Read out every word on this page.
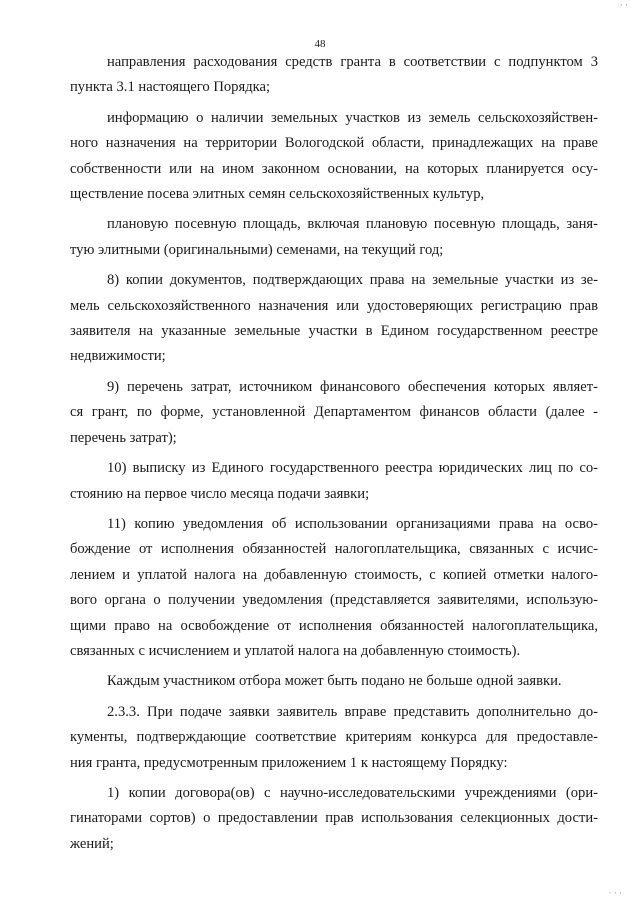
· ·
48
направления расходования средств гранта в соответствии с подпунктом 3
пункта 3.1 настоящего Порядка;
информацию о наличии земельных участков из земель сельскохозяйствен-
ного назначения на территории Вологодской области, принадлежащих на праве
собственности или на ином законном основании, на которых планируется осу-
ществление посева элитных семян сельскохозяйственных культур,
плановую посевную площадь, включая плановую посевную площадь, заня-
тую элитными (оригинальными) семенами, на текущий год;
8) копии документов, подтверждающих права на земельные участки из зе-
мель сельскохозяйственного назначения или удостоверяющих регистрацию прав
заявителя на указанные земельные участки в Едином государственном реестре
недвижимости;
9) перечень затрат, источником финансового обеспечения которых являет-
ся грант, по форме, установленной Департаментом финансов области (далее -
перечень затрат);
10) выписку из Единого государственного реестра юридических лиц по со-
стоянию на первое число месяца подачи заявки;
11) копию уведомления об использовании организациями права на осво-
бождение от исполнения обязанностей налогоплательщика, связанных с исчис-
лением и уплатой налога на добавленную стоимость, с копией отметки налого-
вого органа о получении уведомления (представляется заявителями, использую-
щими право на освобождение от исполнения обязанностей налогоплательщика,
связанных с исчислением и уплатой налога на добавленную стоимость).
Каждым участником отбора может быть подано не больше одной заявки.
2.3.3. При подаче заявки заявитель вправе представить дополнительно до-
кументы, подтверждающие соответствие критериям конкурса для предоставле-
ния гранта, предусмотренным приложением 1 к настоящему Порядку:
1) копии договора(ов) с научно-исследовательскими учреждениями (ори-
гинаторами сортов) о предоставлении прав использования селекционных дости-
жений;
· · ·
